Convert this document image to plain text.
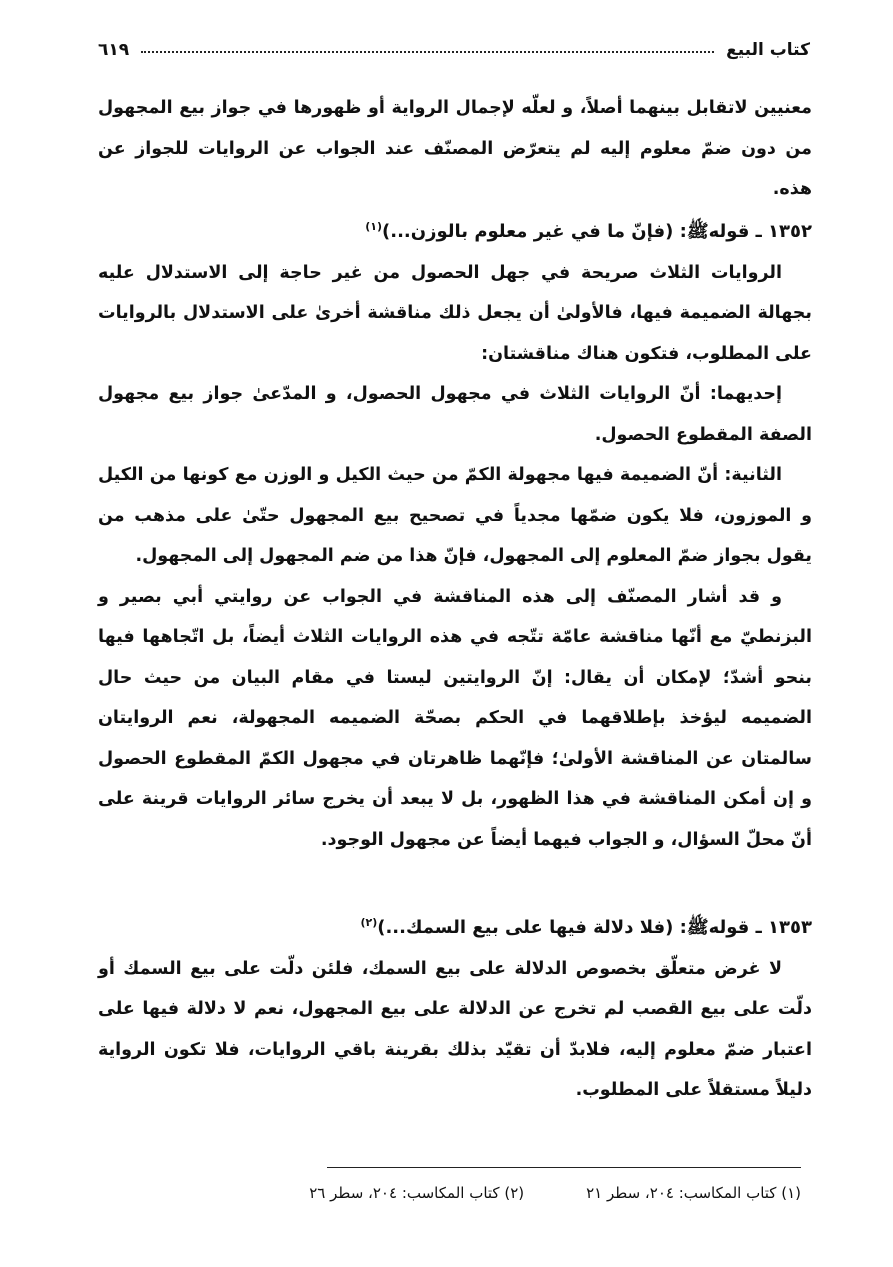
كتاب البيع
٦١٩

معنيين لاتقابل بينهما أصلاً، و لعلّه لإجمال الرواية أو ظهورها في جواز بيع المجهول من دون ضمّ معلوم إليه لم يتعرّض المصنّف عند الجواب عن الروايات للجواز عن هذه.

١٣٥٢ ـ قوله‌ﷺ: (فإنّ ما في غير معلوم بالوزن...)$^{(١)}$

الروايات الثلاث صريحة في جهل الحصول من غير حاجة إلى الاستدلال عليه بجهالة الضميمة فيها، فالأولىٰ أن يجعل ذلك مناقشة أخرىٰ على الاستدلال بالروايات على المطلوب، فتكون هناك مناقشتان:

إحديهما: أنّ الروايات الثلاث في مجهول الحصول، و المدّعىٰ جواز بيع مجهول الصفة المقطوع الحصول.

الثانية: أنّ الضميمة فيها مجهولة الكمّ من حيث الكيل و الوزن مع كونها من الكيل و الموزون، فلا يكون ضمّها مجدياً في تصحيح بيع المجهول حتّىٰ على مذهب من يقول بجواز ضمّ المعلوم إلى المجهول، فإنّ هذا من ضم المجهول إلى المجهول.

و قد أشار المصنّف إلى هذه المناقشة في الجواب عن روايتي أبي بصير و البزنطيّ مع أنّها مناقشة عامّة تتّجه في هذه الروايات الثلاث أيضاً، بل اتّجاهها فيها بنحو أشدّ؛ لإمكان أن يقال: إنّ الروايتين ليستا في مقام البيان من حيث حال الضميمه ليؤخذ بإطلاقهما في الحكم بصحّة الضميمه المجهولة، نعم الروايتان سالمتان عن المناقشة الأولىٰ؛ فإنّهما ظاهرتان في مجهول الكمّ المقطوع الحصول و إن أمكن المناقشة في هذا الظهور، بل لا يبعد أن يخرج سائر الروايات قرينة على أنّ محلّ السؤال، و الجواب فيهما أيضاً عن مجهول الوجود.

١٣٥٣ ـ قوله‌ﷺ: (فلا دلالة فيها على بيع السمك...)$^{(٢)}$

لا غرض متعلّق بخصوص الدلالة على بيع السمك، فلئن دلّت على بيع السمك أو دلّت على بيع القصب لم تخرج عن الدلالة على بيع المجهول، نعم لا دلالة فيها على اعتبار ضمّ معلوم إليه، فلابدّ أن تقيّد بذلك بقرينة باقي الروايات، فلا تكون الرواية دليلاً مستقلاً على المطلوب.

(١) كتاب المكاسب: ٢٠٤، سطر ٢١
(٢) كتاب المكاسب: ٢٠٤، سطر ٢٦
